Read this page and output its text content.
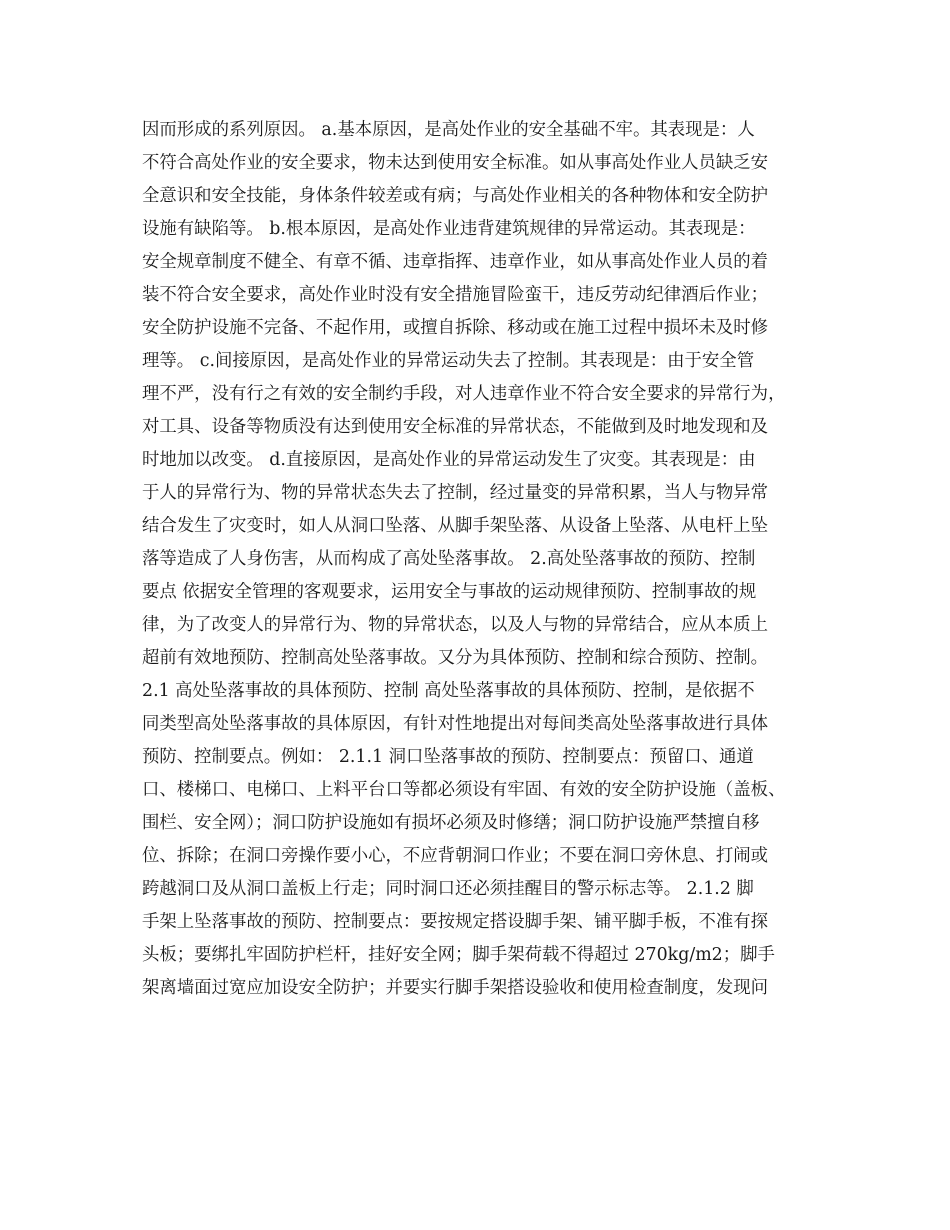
因而形成的系列原因。 a.基本原因，是高处作业的安全基础不牢。其表现是：人
不符合高处作业的安全要求，物未达到使用安全标准。如从事高处作业人员缺乏安
全意识和安全技能，身体条件较差或有病；与高处作业相关的各种物体和安全防护
设施有缺陷等。 b.根本原因，是高处作业违背建筑规律的异常运动。其表现是：
安全规章制度不健全、有章不循、违章指挥、违章作业，如从事高处作业人员的着
装不符合安全要求，高处作业时没有安全措施冒险蛮干，违反劳动纪律酒后作业；
安全防护设施不完备、不起作用，或擅自拆除、移动或在施工过程中损坏未及时修
理等。 c.间接原因，是高处作业的异常运动失去了控制。其表现是：由于安全管
理不严，没有行之有效的安全制约手段，对人违章作业不符合安全要求的异常行为，
对工具、设备等物质没有达到使用安全标准的异常状态，不能做到及时地发现和及
时地加以改变。 d.直接原因，是高处作业的异常运动发生了灾变。其表现是：由
于人的异常行为、物的异常状态失去了控制，经过量变的异常积累，当人与物异常
结合发生了灾变时，如人从洞口坠落、从脚手架坠落、从设备上坠落、从电杆上坠
落等造成了人身伤害，从而构成了高处坠落事故。 2.高处坠落事故的预防、控制
要点 依据安全管理的客观要求，运用安全与事故的运动规律预防、控制事故的规
律，为了改变人的异常行为、物的异常状态，以及人与物的异常结合，应从本质上
超前有效地预防、控制高处坠落事故。又分为具体预防、控制和综合预防、控制。
2.1 高处坠落事故的具体预防、控制 高处坠落事故的具体预防、控制，是依据不
同类型高处坠落事故的具体原因，有针对性地提出对每间类高处坠落事故进行具体
预防、控制要点。例如： 2.1.1 洞口坠落事故的预防、控制要点：预留口、通道
口、楼梯口、电梯口、上料平台口等都必须设有牢固、有效的安全防护设施（盖板、
围栏、安全网）；洞口防护设施如有损坏必须及时修缮；洞口防护设施严禁擅自移
位、拆除；在洞口旁操作要小心，不应背朝洞口作业；不要在洞口旁休息、打闹或
跨越洞口及从洞口盖板上行走；同时洞口还必须挂醒目的警示标志等。 2.1.2 脚
手架上坠落事故的预防、控制要点：要按规定搭设脚手架、铺平脚手板，不准有探
头板；要绑扎牢固防护栏杆，挂好安全网；脚手架荷载不得超过 270kg/m2；脚手
架离墙面过宽应加设安全防护；并要实行脚手架搭设验收和使用检查制度，发现问
